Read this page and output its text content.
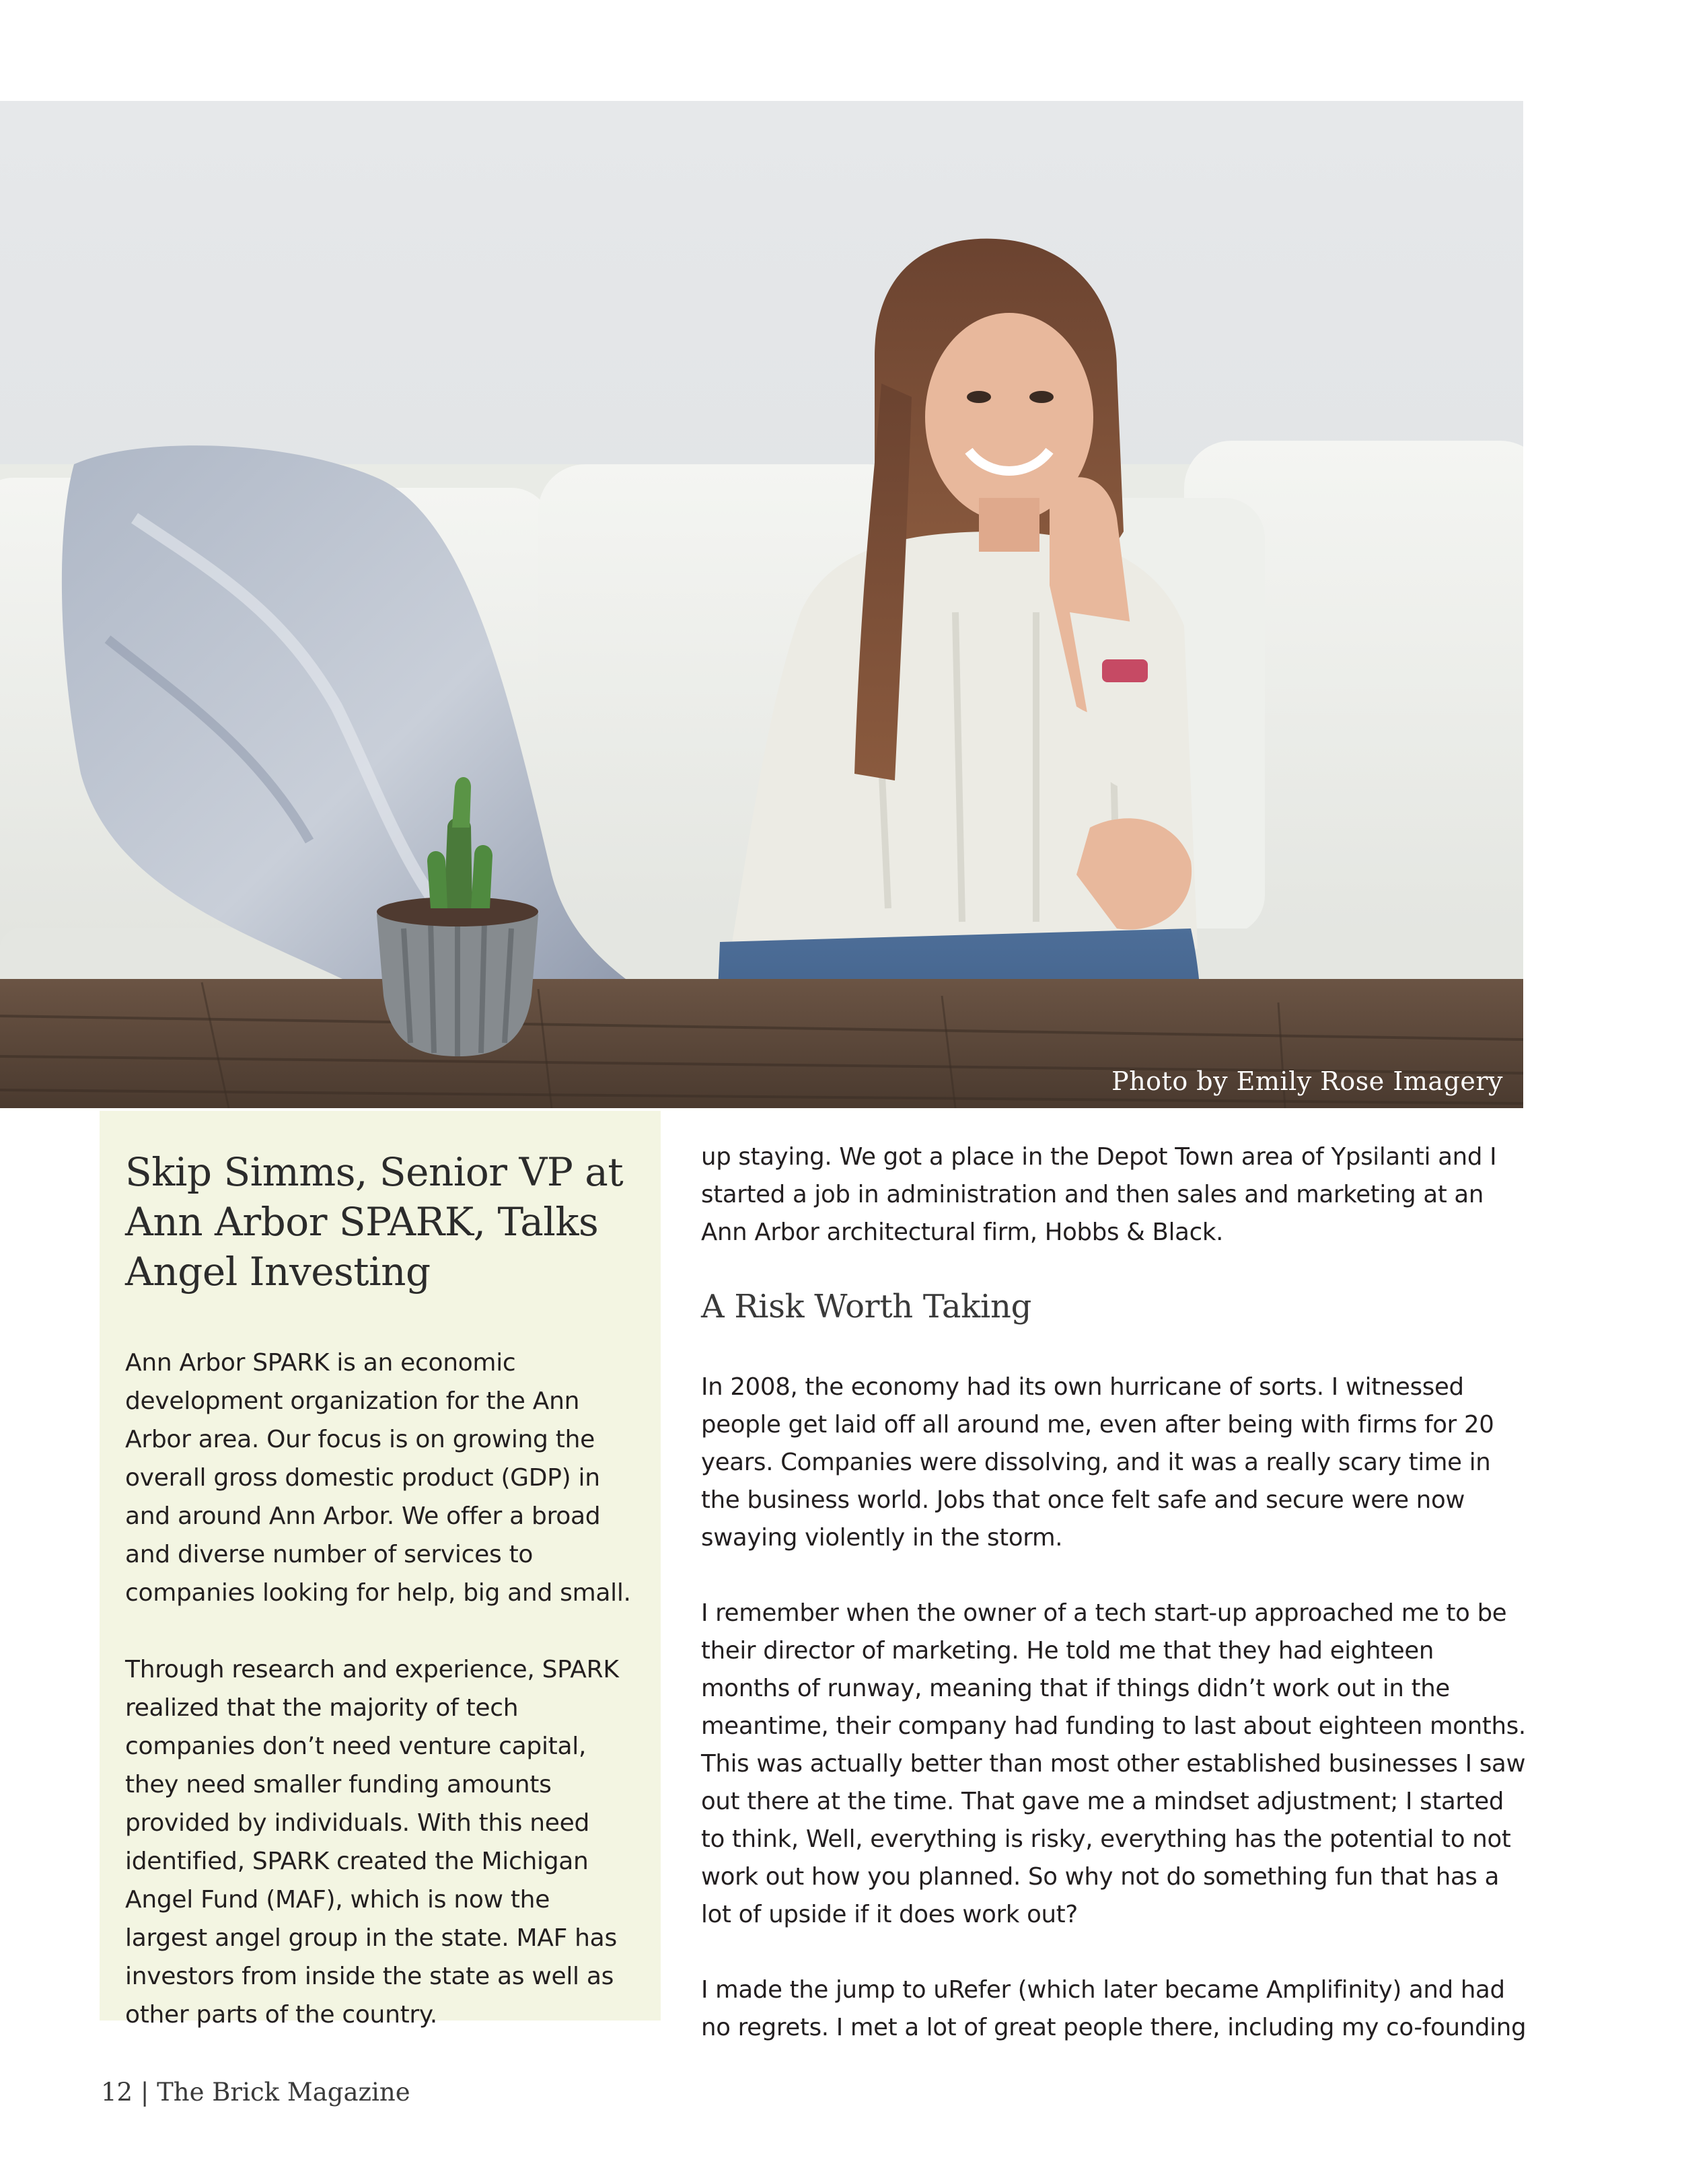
Photo by Emily Rose Imagery
Skip Simms, Senior VP at Ann Arbor SPARK, Talks Angel Investing

Ann Arbor SPARK is an economic development organization for the Ann Arbor area. Our focus is on growing the overall gross domestic product (GDP) in and around Ann Arbor. We offer a broad and diverse number of services to companies looking for help, big and small.

Through research and experience, SPARK realized that the majority of tech companies don’t need venture capital, they need smaller funding amounts provided by individuals. With this need identified, SPARK created the Michigan Angel Fund (MAF), which is now the largest angel group in the state. MAF has investors from inside the state as well as other parts of the country.

up staying. We got a place in the Depot Town area of Ypsilanti and I started a job in administration and then sales and marketing at an Ann Arbor architectural firm, Hobbs & Black.

A Risk Worth Taking

In 2008, the economy had its own hurricane of sorts. I witnessed people get laid off all around me, even after being with firms for 20 years. Companies were dissolving, and it was a really scary time in the business world. Jobs that once felt safe and secure were now swaying violently in the storm.

I remember when the owner of a tech start-up approached me to be their director of marketing. He told me that they had eighteen months of runway, meaning that if things didn’t work out in the meantime, their company had funding to last about eighteen months. This was actually better than most other established businesses I saw out there at the time. That gave me a mindset adjustment; I started to think, Well, everything is risky, everything has the potential to not work out how you planned. So why not do something fun that has a lot of upside if it does work out?

I made the jump to uRefer (which later became Amplifinity) and had no regrets. I met a lot of great people there, including my co-founding

12 | The Brick Magazine
